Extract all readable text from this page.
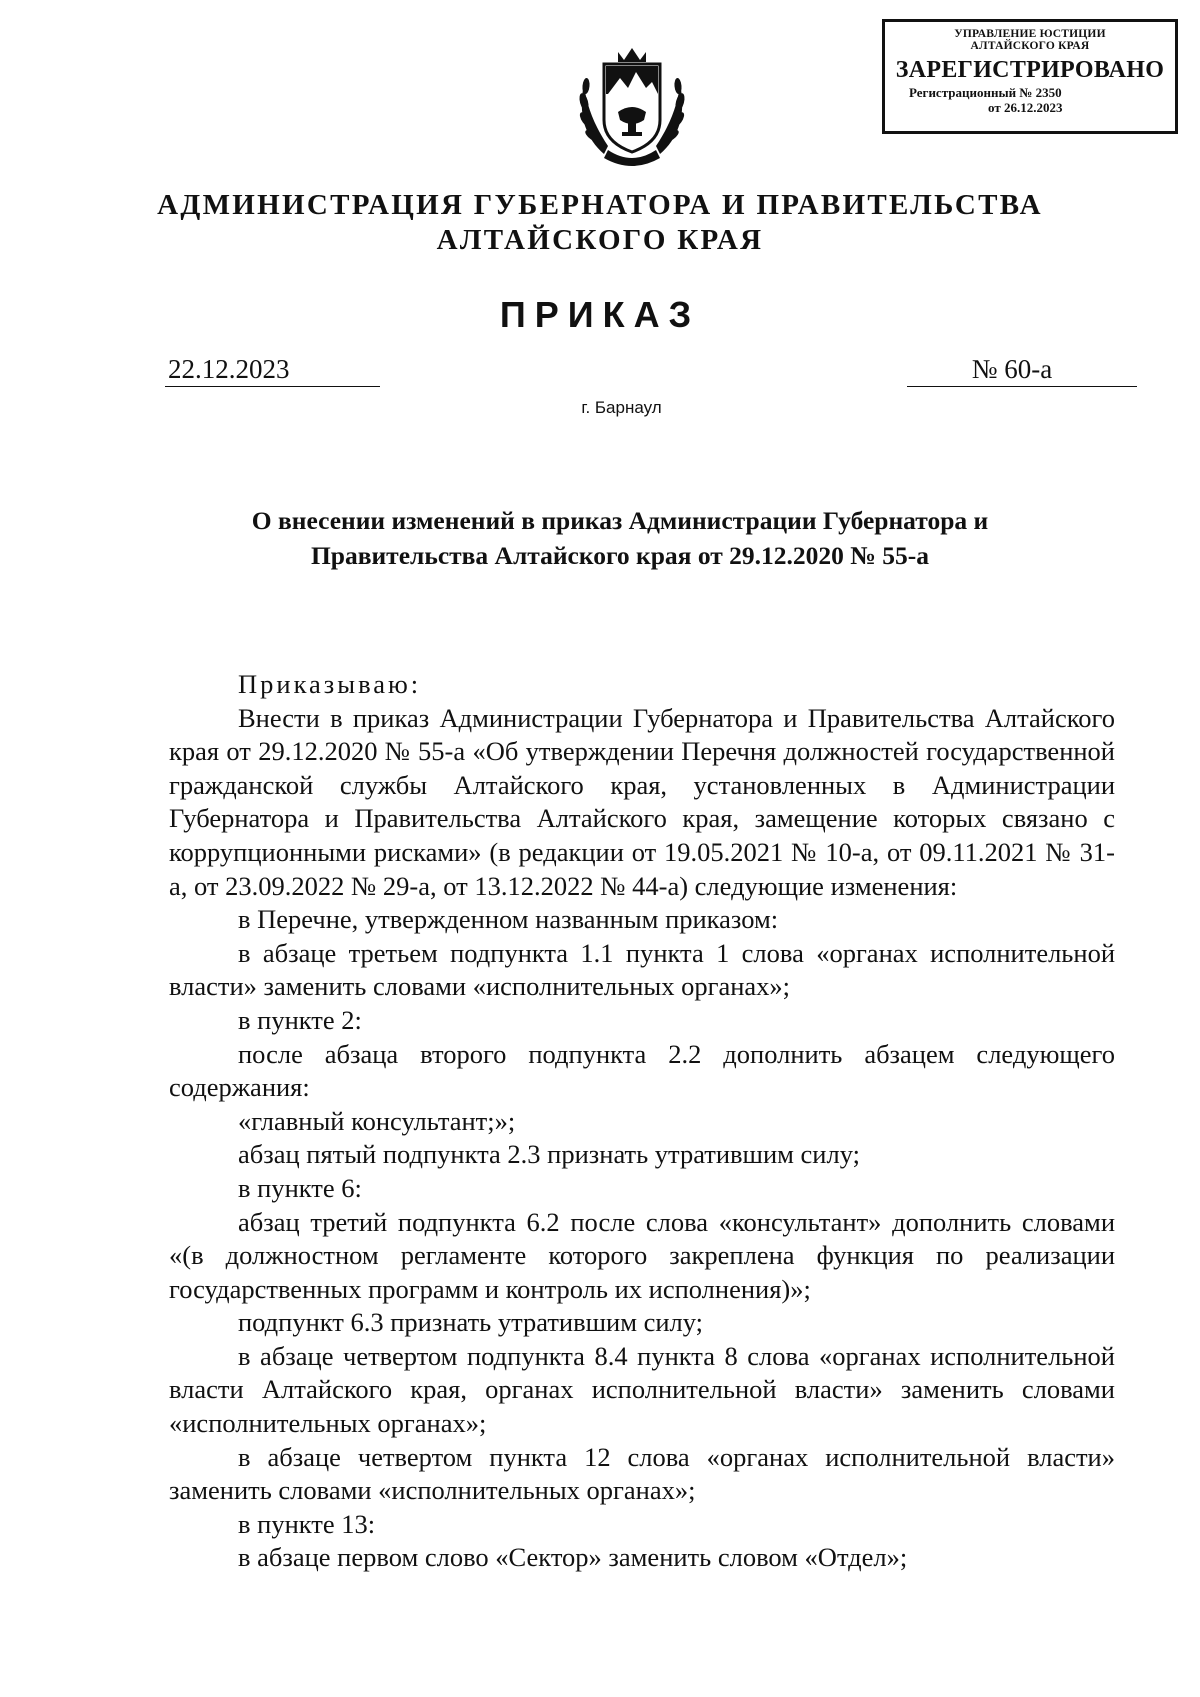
УПРАВЛЕНИЕ ЮСТИЦИИ
АЛТАЙСКОГО КРАЯ
ЗАРЕГИСТРИРОВАНО
Регистрационный № 2350
от 26.12.2023
АДМИНИСТРАЦИЯ ГУБЕРНАТОРА И ПРАВИТЕЛЬСТВА
АЛТАЙСКОГО КРАЯ
ПРИКАЗ
22.12.2023	№ 60-а
г. Барнаул
О внесении изменений в приказ Администрации Губернатора и
Правительства Алтайского края от 29.12.2020 № 55-а

Приказываю:

Внести в приказ Администрации Губернатора и Правительства Алтайского края от 29.12.2020 № 55-а «Об утверждении Перечня должностей государственной гражданской службы Алтайского края, установленных в Администрации Губернатора и Правительства Алтайского края, замещение которых связано с коррупционными рисками» (в редакции от 19.05.2021 № 10-а, от 09.11.2021 № 31-а, от 23.09.2022 № 29-а, от 13.12.2022 № 44-а) следующие изменения:

в Перечне, утвержденном названным приказом:

в абзаце третьем подпункта 1.1 пункта 1 слова «органах исполнительной власти» заменить словами «исполнительных органах»;

в пункте 2:

после абзаца второго подпункта 2.2 дополнить абзацем следующего содержания:

«главный консультант;»;

абзац пятый подпункта 2.3 признать утратившим силу;

в пункте 6:

абзац третий подпункта 6.2 после слова «консультант» дополнить словами «(в должностном регламенте которого закреплена функция по реализации государственных программ и контроль их исполнения)»;

подпункт 6.3 признать утратившим силу;

в абзаце четвертом подпункта 8.4 пункта 8 слова «органах исполнительной власти Алтайского края, органах исполнительной власти» заменить словами «исполнительных органах»;

в абзаце четвертом пункта 12 слова «органах исполнительной власти» заменить словами «исполнительных органах»;

в пункте 13:

в абзаце первом слово «Сектор» заменить словом «Отдел»;
